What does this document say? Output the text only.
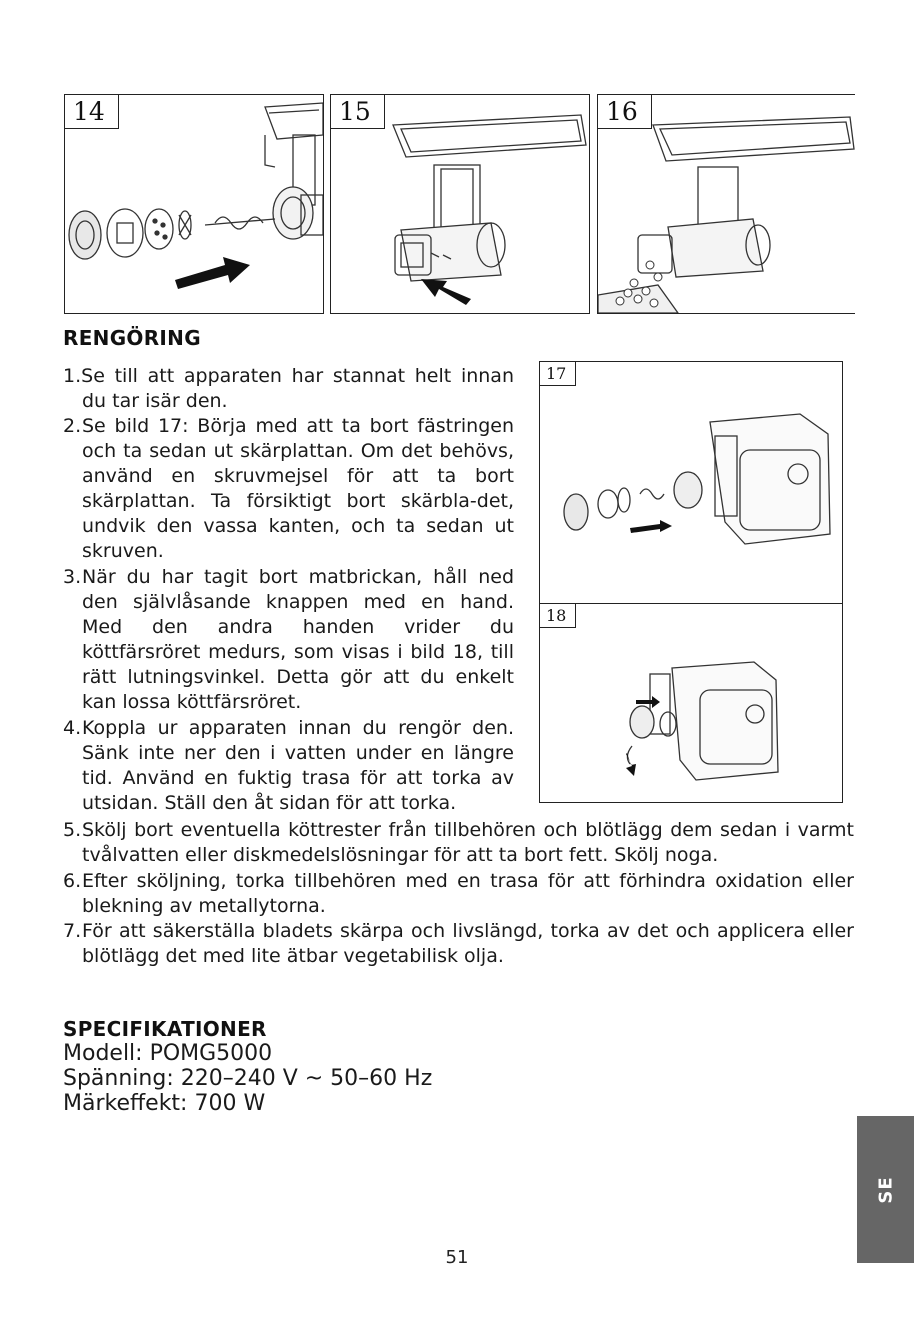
14	15	16
17
18
RENGÖRING

1.Se till att apparaten har stannat helt innan du tar isär den.

2. Se bild 17: Börja med att ta bort fästringen och ta sedan ut skärplattan. Om det behövs, använd en skruvmejsel för att ta bort skärplattan. Ta försiktigt bort skärbla-det, undvik den vassa kanten, och ta sedan ut skruven.

3. När du har tagit bort matbrickan, håll ned den självlåsande knappen med en hand. Med den andra handen vrider du köttfärsröret medurs, som visas i bild 18, till rätt lutningsvinkel. Detta gör att du enkelt kan lossa köttfärsröret.

4. Koppla ur apparaten innan du rengör den. Sänk inte ner den i vatten under en längre tid. Använd en fuktig trasa för att torka av utsidan. Ställ den åt sidan för att torka.

5. Skölj bort eventuella köttrester från tillbehören och blötlägg dem sedan i varmt tvålvatten eller diskmedelslösningar för att ta bort fett. Skölj noga.

6. Efter sköljning, torka tillbehören med en trasa för att förhindra oxidation eller blekning av metallytorna.

7. För att säkerställa bladets skärpa och livslängd, torka av det och applicera eller blötlägg det med lite ätbar vegetabilisk olja.

SPECIFIKATIONER
Modell: POMG5000
Spänning: 220–240 V ~ 50–60 Hz
Märkeffekt: 700 W
51
SE
